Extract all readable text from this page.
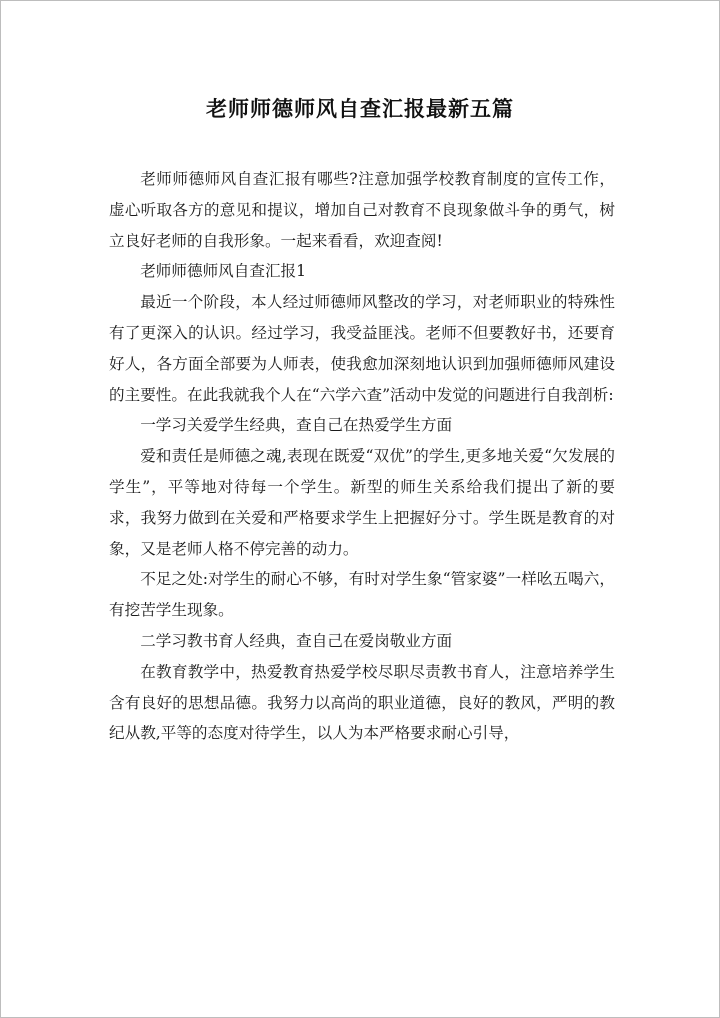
老师师德师风自查汇报最新五篇

老师师德师风自查汇报有哪些?注意加强学校教育制度的宣传工作，虚心听取各方的意见和提议，增加自己对教育不良现象做斗争的勇气，树立良好老师的自我形象。一起来看看，欢迎查阅!

老师师德师风自查汇报1

最近一个阶段，本人经过师德师风整改的学习，对老师职业的特殊性有了更深入的认识。经过学习，我受益匪浅。老师不但要教好书，还要育好人，各方面全部要为人师表，使我愈加深刻地认识到加强师德师风建设的主要性。在此我就我个人在“六学六查”活动中发觉的问题进行自我剖析:

一学习关爱学生经典，查自己在热爱学生方面

爱和责任是师德之魂,表现在既爱“双优”的学生,更多地关爱“欠发展的学生”，平等地对待每一个学生。新型的师生关系给我们提出了新的要求，我努力做到在关爱和严格要求学生上把握好分寸。学生既是教育的对象，又是老师人格不停完善的动力。

不足之处:对学生的耐心不够，有时对学生象“管家婆”一样吆五喝六，有挖苦学生现象。

二学习教书育人经典，查自己在爱岗敬业方面

在教育教学中，热爱教育热爱学校尽职尽责教书育人，注意培养学生含有良好的思想品德。我努力以高尚的职业道德，良好的教风，严明的教纪从教,平等的态度对待学生，以人为本严格要求耐心引导，
